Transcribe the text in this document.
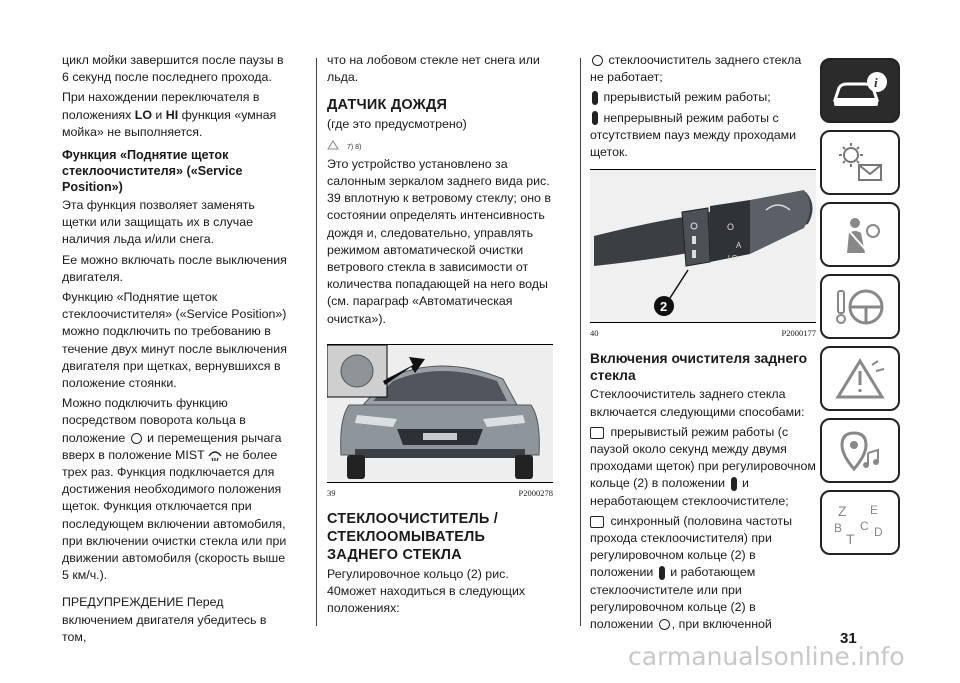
цикл мойки завершится после паузы в 6 секунд после последнего прохода.

При нахождении переключателя в положениях LO и HI функция «умная мойка» не выполняется.

Функция «Поднятие щеток стеклоочистителя» («Service Position»)

Эта функция позволяет заменять щетки или защищать их в случае наличия льда и/или снега.

Ее можно включать после выключения двигателя.

Функцию «Поднятие щеток стеклоочистителя» («Service Position») можно подключить по требованию в течение двух минут после выключения двигателя при щетках, вернувшихся в положение стоянки.

Можно подключить функцию посредством поворота кольца в положение  и перемещения рычага вверх в положение MIST  не более трех раз. Функция подключается для достижения необходимого положения щеток. Функция отключается при последующем включении автомобиля, при включении очистки стекла или при движении автомобиля (скорость выше 5 км/ч.).

ПРЕДУПРЕЖДЕНИЕ Перед включением двигателя убедитесь в том,

что на лобовом стекле нет снега или льда.

ДАТЧИК ДОЖДЯ

(где это предусмотрено)

7) 8)

Это устройство установлено за салонным зеркалом заднего вида рис. 39 вплотную к ветровому стеклу; оно в состоянии определять интенсивность дождя и, следовательно, управлять режимом автоматической очистки ветрового стекла в зависимости от количества попадающей на него воды (см. параграф «Автоматическая очистка»).

39	P2000278
СТЕКЛООЧИСТИТЕЛЬ / СТЕКЛООМЫВАТЕЛЬ ЗАДНЕГО СТЕКЛА

Регулировочное кольцо (2) рис. 40может находиться в следующих положениях:

стеклоочиститель заднего стекла не работает;

прерывистый режим работы;

непрерывный режим работы с отсутствием пауз между проходами щеток.

O
A
LO
2
40	P2000177
Включения очистителя заднего стекла

Стеклоочиститель заднего стекла включается следующими способами:

прерывистый режим работы (с паузой около секунд между двумя проходами щеток) при регулировочном кольце (2) в положении  и неработающем стеклоочистителе;

синхронный (половина частоты прохода стеклоочистителя) при регулировочном кольце (2) в положении  и работающем стеклоочистителе или при регулировочном кольце (2) в положении , при включенной

i
Z E
B C
T D
31
carmanualsonline.info
